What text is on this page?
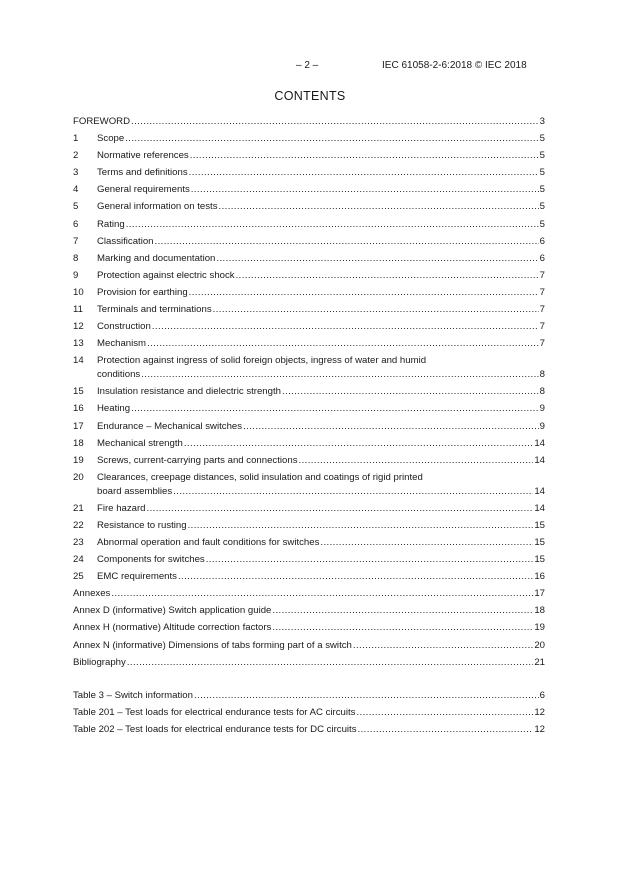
– 2 –	IEC 61058-2-6:2018 © IEC 2018
CONTENTS
FOREWORD .....	3
1	Scope .....	5
2	Normative references .....	5
3	Terms and definitions .....	5
4	General requirements .....	5
5	General information on tests .....	5
6	Rating .....	5
7	Classification .....	6
8	Marking and documentation .....	6
9	Protection against electric shock .....	7
10	Provision for earthing .....	7
11	Terminals and terminations .....	7
12	Construction .....	7
13	Mechanism .....	7
14	Protection against ingress of solid foreign objects, ingress of water and humid
conditions .....	8
15	Insulation resistance and dielectric strength .....	8
16	Heating .....	9
17	Endurance – Mechanical switches .....	9
18	Mechanical strength .....	14
19	Screws, current-carrying parts and connections .....	14
20	Clearances, creepage distances, solid insulation and coatings of rigid printed
board assemblies .....	14
21	Fire hazard .....	14
22	Resistance to rusting .....	15
23	Abnormal operation and fault conditions for switches .....	15
24	Components for switches .....	15
25	EMC requirements .....	16
Annexes .....	17
Annex D (informative) Switch application guide .....	18
Annex H (normative) Altitude correction factors .....	19
Annex N (informative) Dimensions of tabs forming part of a switch .....	20
Bibliography .....	21
Table 3 – Switch information .....	6
Table 201 – Test loads for electrical endurance tests for AC circuits .....	12
Table 202 – Test loads for electrical endurance tests for DC circuits .....	12
